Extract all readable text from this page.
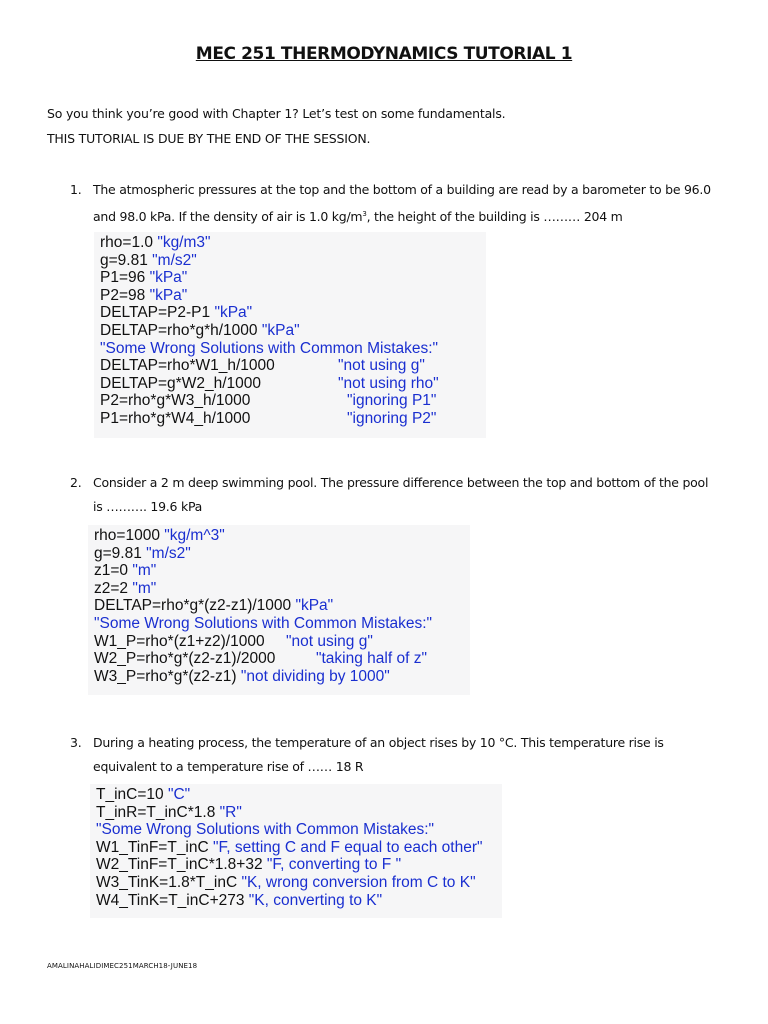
MEC 251 THERMODYNAMICS TUTORIAL 1
So you think you’re good with Chapter 1? Let’s test on some fundamentals.
THIS TUTORIAL IS DUE BY THE END OF THE SESSION.
1. The atmospheric pressures at the top and the bottom of a building are read by a barometer to be 96.0
and 98.0 kPa. If the density of air is 1.0 $kg/m^3$, the height of the building is ……… 204 m
rho=1.0 "kg/m3"
g=9.81 "m/s2"
P1=96 "kPa"
P2=98 "kPa"
DELTAP=P2-P1 "kPa"
DELTAP=rho*g*h/1000 "kPa"
"Some Wrong Solutions with Common Mistakes:"
DELTAP=rho*W1_h/1000	"not using g"
DELTAP=g*W2_h/1000	"not using rho"
P2=rho*g*W3_h/1000	"ignoring P1"
P1=rho*g*W4_h/1000	"ignoring P2"
2. Consider a 2 m deep swimming pool. The pressure difference between the top and bottom of the pool
is ………. 19.6 kPa
rho=1000 "kg/m^3"
g=9.81 "m/s2"
z1=0 "m"
z2=2 "m"
DELTAP=rho*g*(z2-z1)/1000 "kPa"
"Some Wrong Solutions with Common Mistakes:"
W1_P=rho*(z1+z2)/1000 "not using g"
W2_P=rho*g*(z2-z1)/2000	"taking half of z"
W3_P=rho*g*(z2-z1) "not dividing by 1000"
3. During a heating process, the temperature of an object rises by 10 °C. This temperature rise is
equivalent to a temperature rise of …… 18 R
T_inC=10 "C"
T_inR=T_inC*1.8 "R"
"Some Wrong Solutions with Common Mistakes:"
W1_TinF=T_inC "F, setting C and F equal to each other"
W2_TinF=T_inC*1.8+32 "F, converting to F "
W3_TinK=1.8*T_inC "K, wrong conversion from C to K"
W4_TinK=T_inC+273 "K, converting to K"
AMALINAHALIDIMEC251MARCH18-JUNE18
